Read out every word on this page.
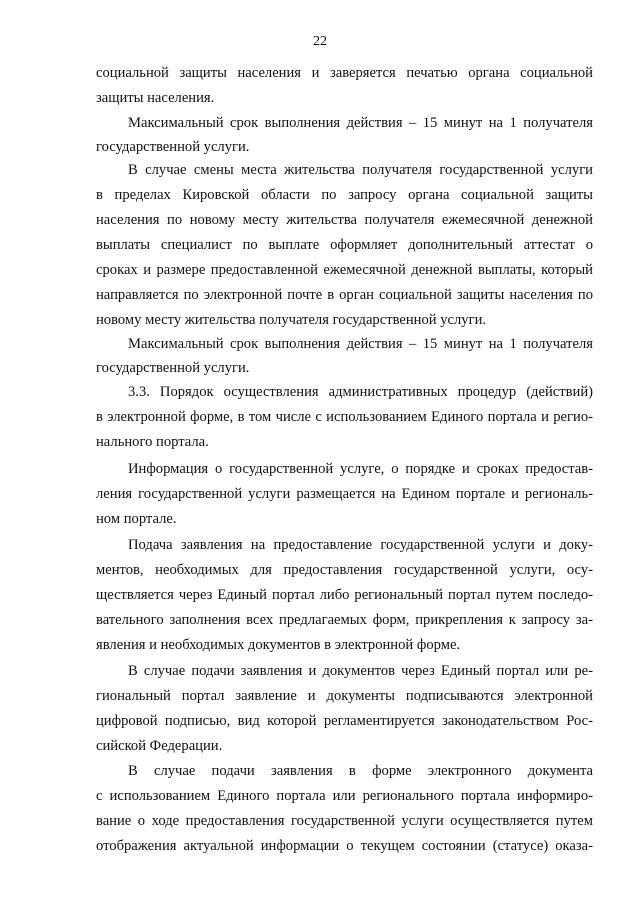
22
социальной защиты населения и заверяется печатью органа социальной
защиты населения.
Максимальный срок выполнения действия – 15 минут на 1 получателя
государственной услуги.
В случае смены места жительства получателя государственной услуги
в пределах Кировской области по запросу органа социальной защиты
населения по новому месту жительства получателя ежемесячной денежной
выплаты специалист по выплате оформляет дополнительный аттестат о
сроках и размере предоставленной ежемесячной денежной выплаты, который
направляется по электронной почте в орган социальной защиты населения по
новому месту жительства получателя государственной услуги.
Максимальный срок выполнения действия – 15 минут на 1 получателя
государственной услуги.
3.3. Порядок осуществления административных процедур (действий)
в электронной форме, в том числе с использованием Единого портала и регио-
нального портала.
Информация о государственной услуге, о порядке и сроках предостав-
ления государственной услуги размещается на Едином портале и региональ-
ном портале.
Подача заявления на предоставление государственной услуги и доку-
ментов, необходимых для предоставления государственной услуги, осу-
ществляется через Единый портал либо региональный портал путем последо-
вательного заполнения всех предлагаемых форм, прикрепления к запросу за-
явления и необходимых документов в электронной форме.
В случае подачи заявления и документов через Единый портал или ре-
гиональный портал заявление и документы подписываются электронной
цифровой подписью, вид которой регламентируется законодательством Рос-
сийской Федерации.
В случае подачи заявления в форме электронного документа
с использованием Единого портала или регионального портала информиро-
вание о ходе предоставления государственной услуги осуществляется путем
отображения актуальной информации о текущем состоянии (статусе) оказа-
